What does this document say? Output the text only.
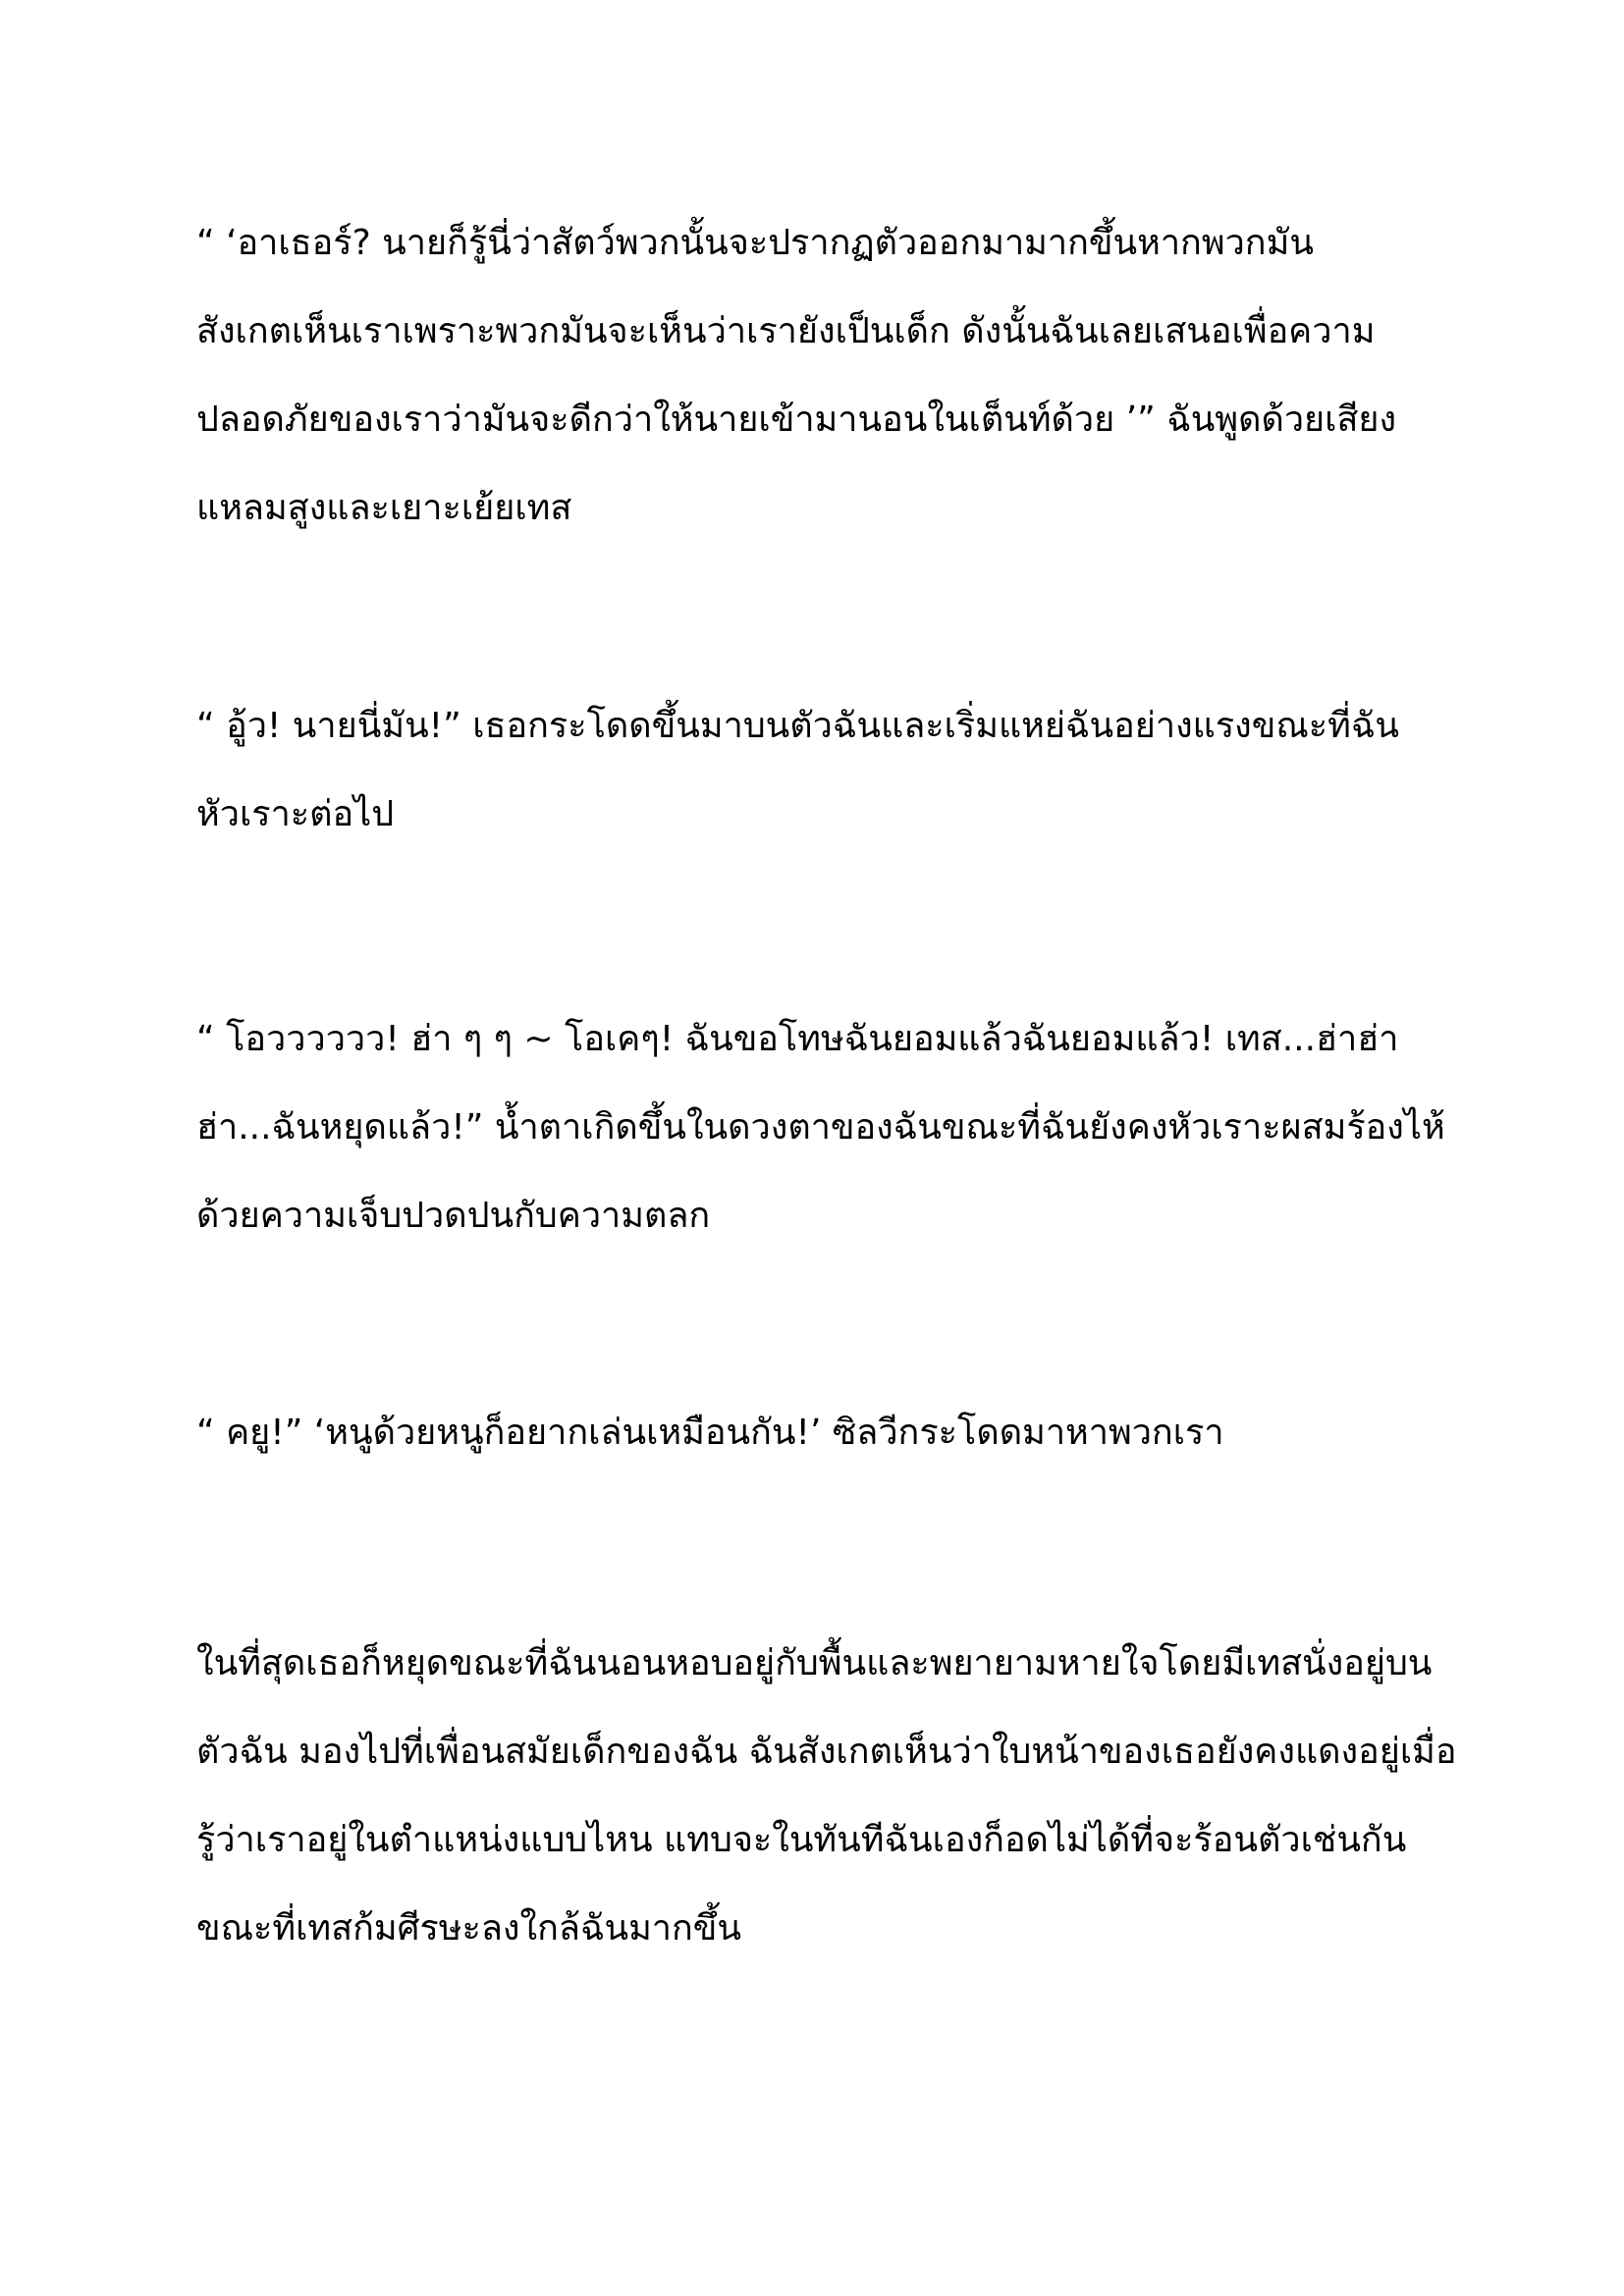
“ ‘อาเธอร์? นายก็รู้นี่ว่าสัตว์พวกนั้นจะปรากฏตัวออกมามากขึ้นหากพวกมัน
สังเกตเห็นเราเพราะพวกมันจะเห็นว่าเรายังเป็นเด็ก ดังนั้นฉันเลยเสนอเพื่อความ
ปลอดภัยของเราว่ามันจะดีกว่าให้นายเข้ามานอนในเต็นท์ด้วย ’” ฉันพูดด้วยเสียง
แหลมสูงและเยาะเย้ยเทส
“ อู้ว! นายนี่มัน!” เธอกระโดดขึ้นมาบนตัวฉันและเริ่มแหย่ฉันอย่างแรงขณะที่ฉัน
หัวเราะต่อไป
“ โอวววววว! ฮ่า ๆ ๆ ~ โอเคๆ! ฉันขอโทษฉันยอมแล้วฉันยอมแล้ว! เทส...ฮ่าฮ่า
ฮ่า...ฉันหยุดแล้ว!” น้ำตาเกิดขึ้นในดวงตาของฉันขณะที่ฉันยังคงหัวเราะผสมร้องไห้
ด้วยความเจ็บปวดปนกับความตลก
“ คยู!” ‘หนูด้วยหนูก็อยากเล่นเหมือนกัน!’ ซิลวีกระโดดมาหาพวกเรา
ในที่สุดเธอก็หยุดขณะที่ฉันนอนหอบอยู่กับพื้นและพยายามหายใจโดยมีเทสนั่งอยู่บน
ตัวฉัน มองไปที่เพื่อนสมัยเด็กของฉัน ฉันสังเกตเห็นว่าใบหน้าของเธอยังคงแดงอยู่เมื่อ
รู้ว่าเราอยู่ในตำแหน่งแบบไหน แทบจะในทันทีฉันเองก็อดไม่ได้ที่จะร้อนตัวเช่นกัน
ขณะที่เทสก้มศีรษะลงใกล้ฉันมากขึ้น
